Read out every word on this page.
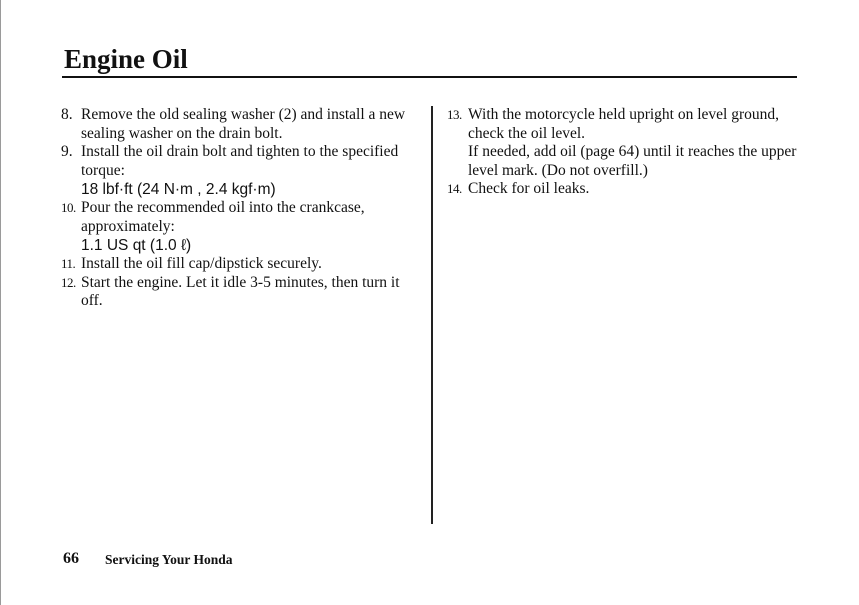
Engine Oil
8. Remove the old sealing washer (2) and install a new sealing washer on the drain bolt.
9. Install the oil drain bolt and tighten to the specified torque:
18 lbf·ft (24 N·m , 2.4 kgf·m)
10. Pour the recommended oil into the crankcase, approximately:
1.1 US qt (1.0 ℓ)
11. Install the oil fill cap/dipstick securely.
12. Start the engine. Let it idle 3-5 minutes, then turn it off.
13. With the motorcycle held upright on level ground, check the oil level.
If needed, add oil (page 64) until it reaches the upper level mark. (Do not overfill.)
14. Check for oil leaks.
66 Servicing Your Honda
